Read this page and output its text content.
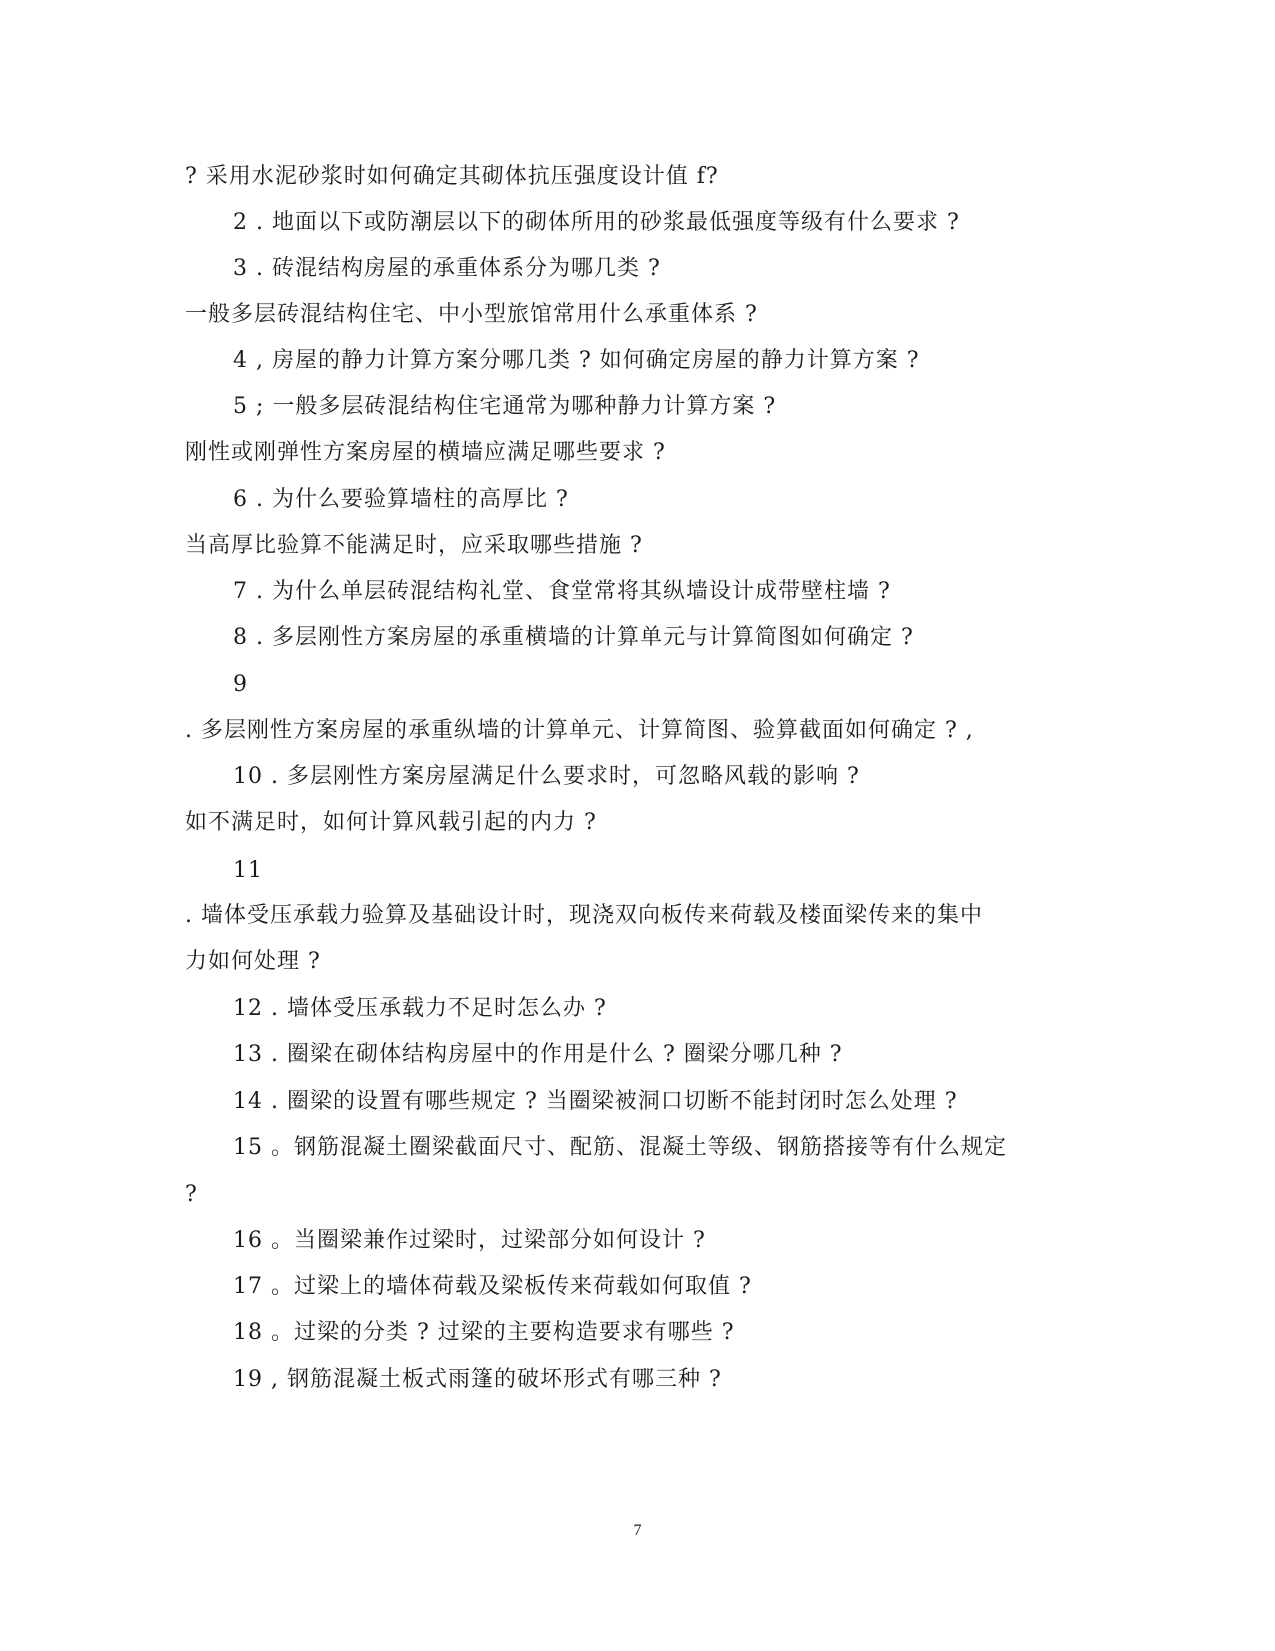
? 采用水泥砂浆时如何确定其砌体抗压强度设计值 f?
2 . 地面以下或防潮层以下的砌体所用的砂浆最低强度等级有什么要求 ?
3 . 砖混结构房屋的承重体系分为哪几类 ?
一般多层砖混结构住宅、中小型旅馆常用什么承重体系 ?
4 , 房屋的静力计算方案分哪几类 ? 如何确定房屋的静力计算方案 ?
5 ; 一般多层砖混结构住宅通常为哪种静力计算方案 ?
刚性或刚弹性方案房屋的横墙应满足哪些要求 ?
6 . 为什么要验算墙柱的高厚比 ?
当高厚比验算不能满足时，应采取哪些措施 ?
7 . 为什么单层砖混结构礼堂、食堂常将其纵墙设计成带壁柱墙 ?
8 . 多层刚性方案房屋的承重横墙的计算单元与计算简图如何确定 ?
9
. 多层刚性方案房屋的承重纵墙的计算单元、计算简图、验算截面如何确定 ? ,
10 . 多层刚性方案房屋满足什么要求时，可忽略风载的影响 ?
如不满足时，如何计算风载引起的内力 ?
11
. 墙体受压承载力验算及基础设计时，现浇双向板传来荷载及楼面梁传来的集中
力如何处理 ?
12 . 墙体受压承载力不足时怎么办 ?
13 . 圈梁在砌体结构房屋中的作用是什么 ? 圈梁分哪几种 ?
14 . 圈梁的设置有哪些规定 ? 当圈梁被洞口切断不能封闭时怎么处理 ?
15 。钢筋混凝土圈梁截面尺寸、配筋、混凝土等级、钢筋搭接等有什么规定
?
16 。当圈梁兼作过梁时，过梁部分如何设计 ?
17 。过梁上的墙体荷载及梁板传来荷载如何取值 ?
18 。过梁的分类 ? 过梁的主要构造要求有哪些 ?
19 , 钢筋混凝土板式雨篷的破坏形式有哪三种 ?
7
